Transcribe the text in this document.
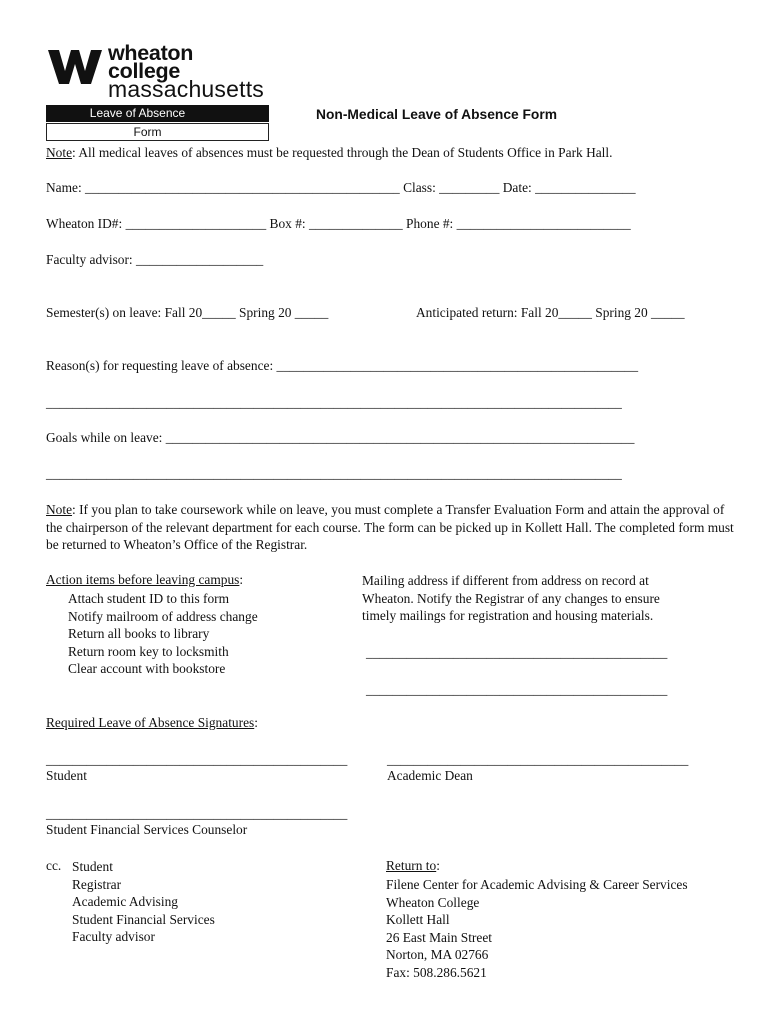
wheaton
college
massachusetts
Leave of Absence
Form
Non-Medical Leave of Absence Form
Note: All medical leaves of absences must be requested through the Dean of Students Office in Park Hall.
Name: _______________________________________________ Class: _________ Date: _______________
Wheaton ID#: _____________________ Box #: ______________ Phone #: __________________________
Faculty advisor: ___________________
Semester(s) on leave: Fall 20_____ Spring 20 _____	Anticipated return: Fall 20_____ Spring 20 _____
Reason(s) for requesting leave of absence: ______________________________________________________
______________________________________________________________________________________
Goals while on leave: ______________________________________________________________________
______________________________________________________________________________________
Note: If you plan to take coursework while on leave, you must complete a Transfer Evaluation Form and attain the approval of the chairperson of the relevant department for each course. The form can be picked up in Kollett Hall. The completed form must be returned to Wheaton’s Office of the Registrar.
Action items before leaving campus:
Attach student ID to this form
Notify mailroom of address change
Return all books to library
Return room key to locksmith
Clear account with bookstore
Mailing address if different from address on record at
Wheaton. Notify the Registrar of any changes to ensure
timely mailings for registration and housing materials.
_____________________________________________
_____________________________________________
Required Leave of Absence Signatures:
_____________________________________________
Student
_____________________________________________
Academic Dean
_____________________________________________
Student Financial Services Counselor
cc. Student
Registrar
Academic Advising
Student Financial Services
Faculty advisor
Return to:
Filene Center for Academic Advising & Career Services
Wheaton College
Kollett Hall
26 East Main Street
Norton, MA 02766
Fax: 508.286.5621
